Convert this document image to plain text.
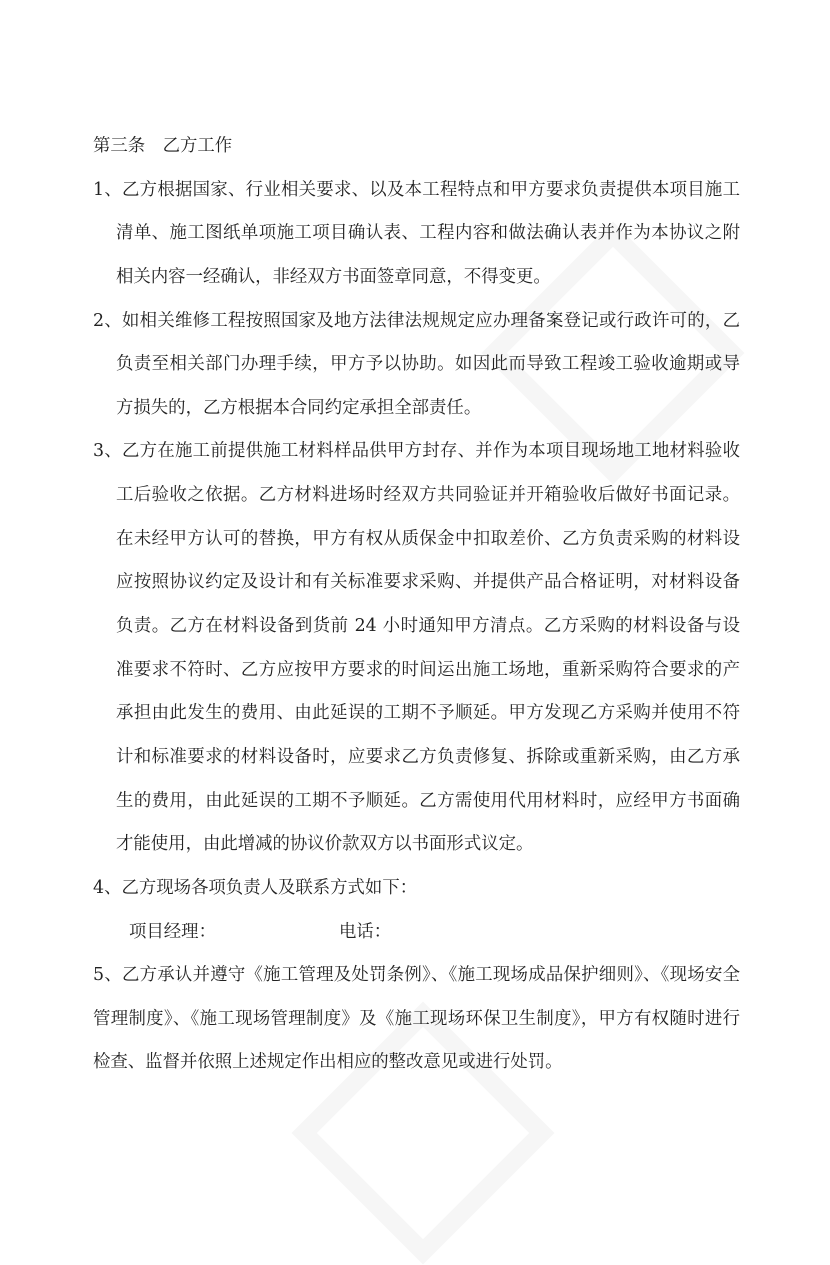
第三条　乙方工作
1、乙方根据国家、行业相关要求、以及本工程特点和甲方要求负责提供本项目施工
清单、施工图纸单项施工项目确认表、工程内容和做法确认表并作为本协议之附
相关内容一经确认，非经双方书面签章同意，不得变更。
2、如相关维修工程按照国家及地方法律法规规定应办理备案登记或行政许可的，乙
负责至相关部门办理手续，甲方予以协助。如因此而导致工程竣工验收逾期或导
方损失的，乙方根据本合同约定承担全部责任。
3、乙方在施工前提供施工材料样品供甲方封存、并作为本项目现场地工地材料验收
工后验收之依据。乙方材料进场时经双方共同验证并开箱验收后做好书面记录。
在未经甲方认可的替换，甲方有权从质保金中扣取差价、乙方负责采购的材料设
应按照协议约定及设计和有关标准要求采购、并提供产品合格证明，对材料设备
负责。乙方在材料设备到货前 24 小时通知甲方清点。乙方采购的材料设备与设
准要求不符时、乙方应按甲方要求的时间运出施工场地，重新采购符合要求的产
承担由此发生的费用、由此延误的工期不予顺延。甲方发现乙方采购并使用不符
计和标准要求的材料设备时，应要求乙方负责修复、拆除或重新采购，由乙方承
生的费用，由此延误的工期不予顺延。乙方需使用代用材料时，应经甲方书面确
才能使用，由此增减的协议价款双方以书面形式议定。
4、乙方现场各项负责人及联系方式如下：
项目经理：	电话：
5、乙方承认并遵守《施工管理及处罚条例》、《施工现场成品保护细则》、《现场安全
管理制度》、《施工现场管理制度》及《施工现场环保卫生制度》，甲方有权随时进行
检查、监督并依照上述规定作出相应的整改意见或进行处罚。
